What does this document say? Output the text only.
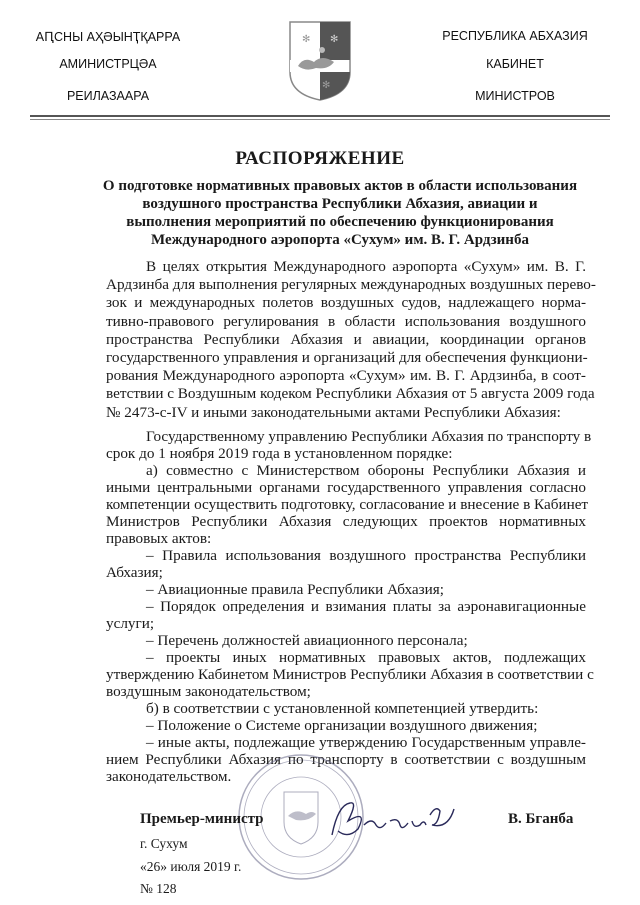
АԤСНЫ АҲӘЫНҬҚАРРА
АМИНИСТРЦӘА
РЕИЛАЗААРА
РЕСПУБЛИКА АБХАЗИЯ
КАБИНЕТ
МИНИСТРОВ
✻ ✻
✻
РАСПОРЯЖЕНИЕ
О подготовке нормативных правовых актов в области использования
воздушного пространства Республики Абхазия, авиации и
выполнения мероприятий по обеспечению функционирования
Международного аэропорта «Сухум» им. В. Г. Ардзинба
В целях открытия Международного аэропорта «Сухум» им. В. Г.
Ардзинба для выполнения регулярных международных воздушных перево-
зок и международных полетов воздушных судов, надлежащего норма-
тивно-правового регулирования в области использования воздушного
пространства Республики Абхазия и авиации, координации органов
государственного управления и организаций для обеспечения функциони-
рования Международного аэропорта «Сухум» им. В. Г. Ардзинба, в соот-
ветствии с Воздушным кодеком Республики Абхазия от 5 августа 2009 года
№ 2473-с-IV и иными законодательными актами Республики Абхазия:
Государственному управлению Республики Абхазия по транспорту в
срок до 1 ноября 2019 года в установленном порядке:
а) совместно с Министерством обороны Республики Абхазия и
иными центральными органами государственного управления согласно
компетенции осуществить подготовку, согласование и внесение в Кабинет
Министров Республики Абхазия следующих проектов нормативных
правовых актов:
– Правила использования воздушного пространства Республики
Абхазия;
– Авиационные правила Республики Абхазия;
– Порядок определения и взимания платы за аэронавигационные
услуги;
– Перечень должностей авиационного персонала;
– проекты иных нормативных правовых актов, подлежащих
утверждению Кабинетом Министров Республики Абхазия в соответствии с
воздушным законодательством;
б) в соответствии с установленной компетенцией утвердить:
– Положение о Системе организации воздушного движения;
– иные акты, подлежащие утверждению Государственным управле-
нием Республики Абхазия по транспорту в соответствии с воздушным
законодательством.
Премьер-министр	В. Бганба
г. Сухум
«26» июля 2019 г.
№ 128
